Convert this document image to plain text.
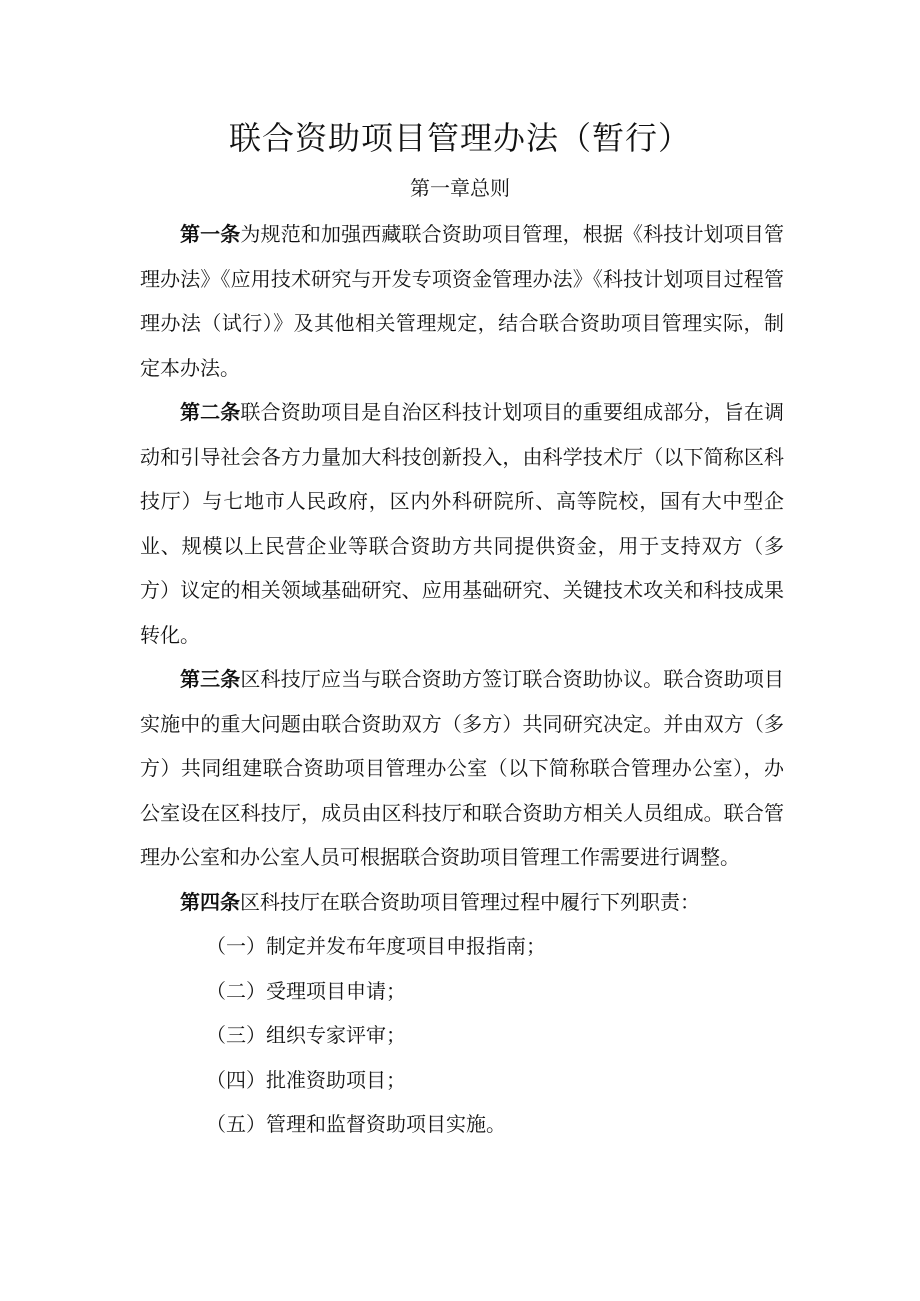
联合资助项目管理办法（暂行）
第一章总则

第一条为规范和加强西藏联合资助项目管理，根据《科技计划项目管理办法》《应用技术研究与开发专项资金管理办法》《科技计划项目过程管理办法（试行）》及其他相关管理规定，结合联合资助项目管理实际，制定本办法。

第二条联合资助项目是自治区科技计划项目的重要组成部分，旨在调动和引导社会各方力量加大科技创新投入，由科学技术厅（以下简称区科技厅）与七地市人民政府，区内外科研院所、高等院校，国有大中型企业、规模以上民营企业等联合资助方共同提供资金，用于支持双方（多方）议定的相关领域基础研究、应用基础研究、关键技术攻关和科技成果转化。

第三条区科技厅应当与联合资助方签订联合资助协议。联合资助项目实施中的重大问题由联合资助双方（多方）共同研究决定。并由双方（多方）共同组建联合资助项目管理办公室（以下简称联合管理办公室），办公室设在区科技厅，成员由区科技厅和联合资助方相关人员组成。联合管理办公室和办公室人员可根据联合资助项目管理工作需要进行调整。

第四条区科技厅在联合资助项目管理过程中履行下列职责：

（一）制定并发布年度项目申报指南；

（二）受理项目申请；

（三）组织专家评审；

（四）批准资助项目；

（五）管理和监督资助项目实施。
